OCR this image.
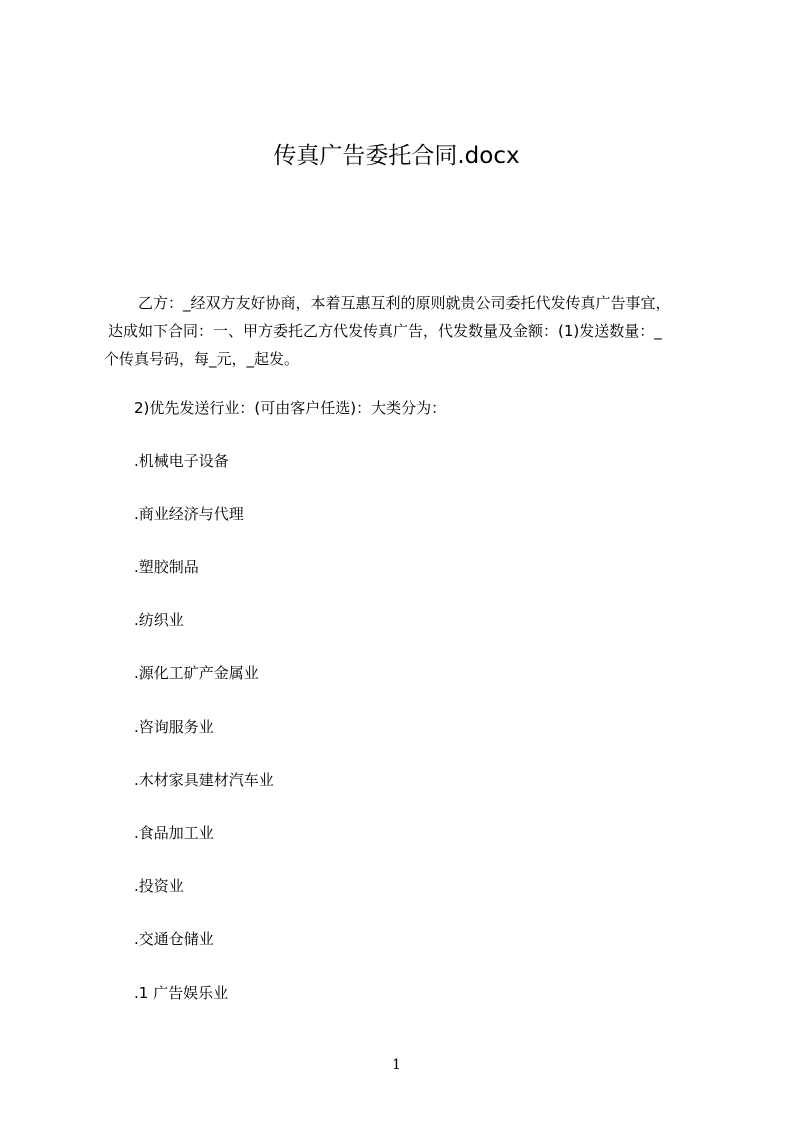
传真广告委托合同.docx
乙方：_经双方友好协商，本着互惠互利的原则就贵公司委托代发传真广告事宜，
达成如下合同：一、甲方委托乙方代发传真广告，代发数量及金额：(1)发送数量：_
个传真号码，每_元，_起发。
2)优先发送行业：(可由客户任选)：大类分为：
.机械电子设备
.商业经济与代理
.塑胶制品
.纺织业
.源化工矿产金属业
.咨询服务业
.木材家具建材汽车业
.食品加工业
.投资业
.交通仓储业
.1 广告娱乐业
1
